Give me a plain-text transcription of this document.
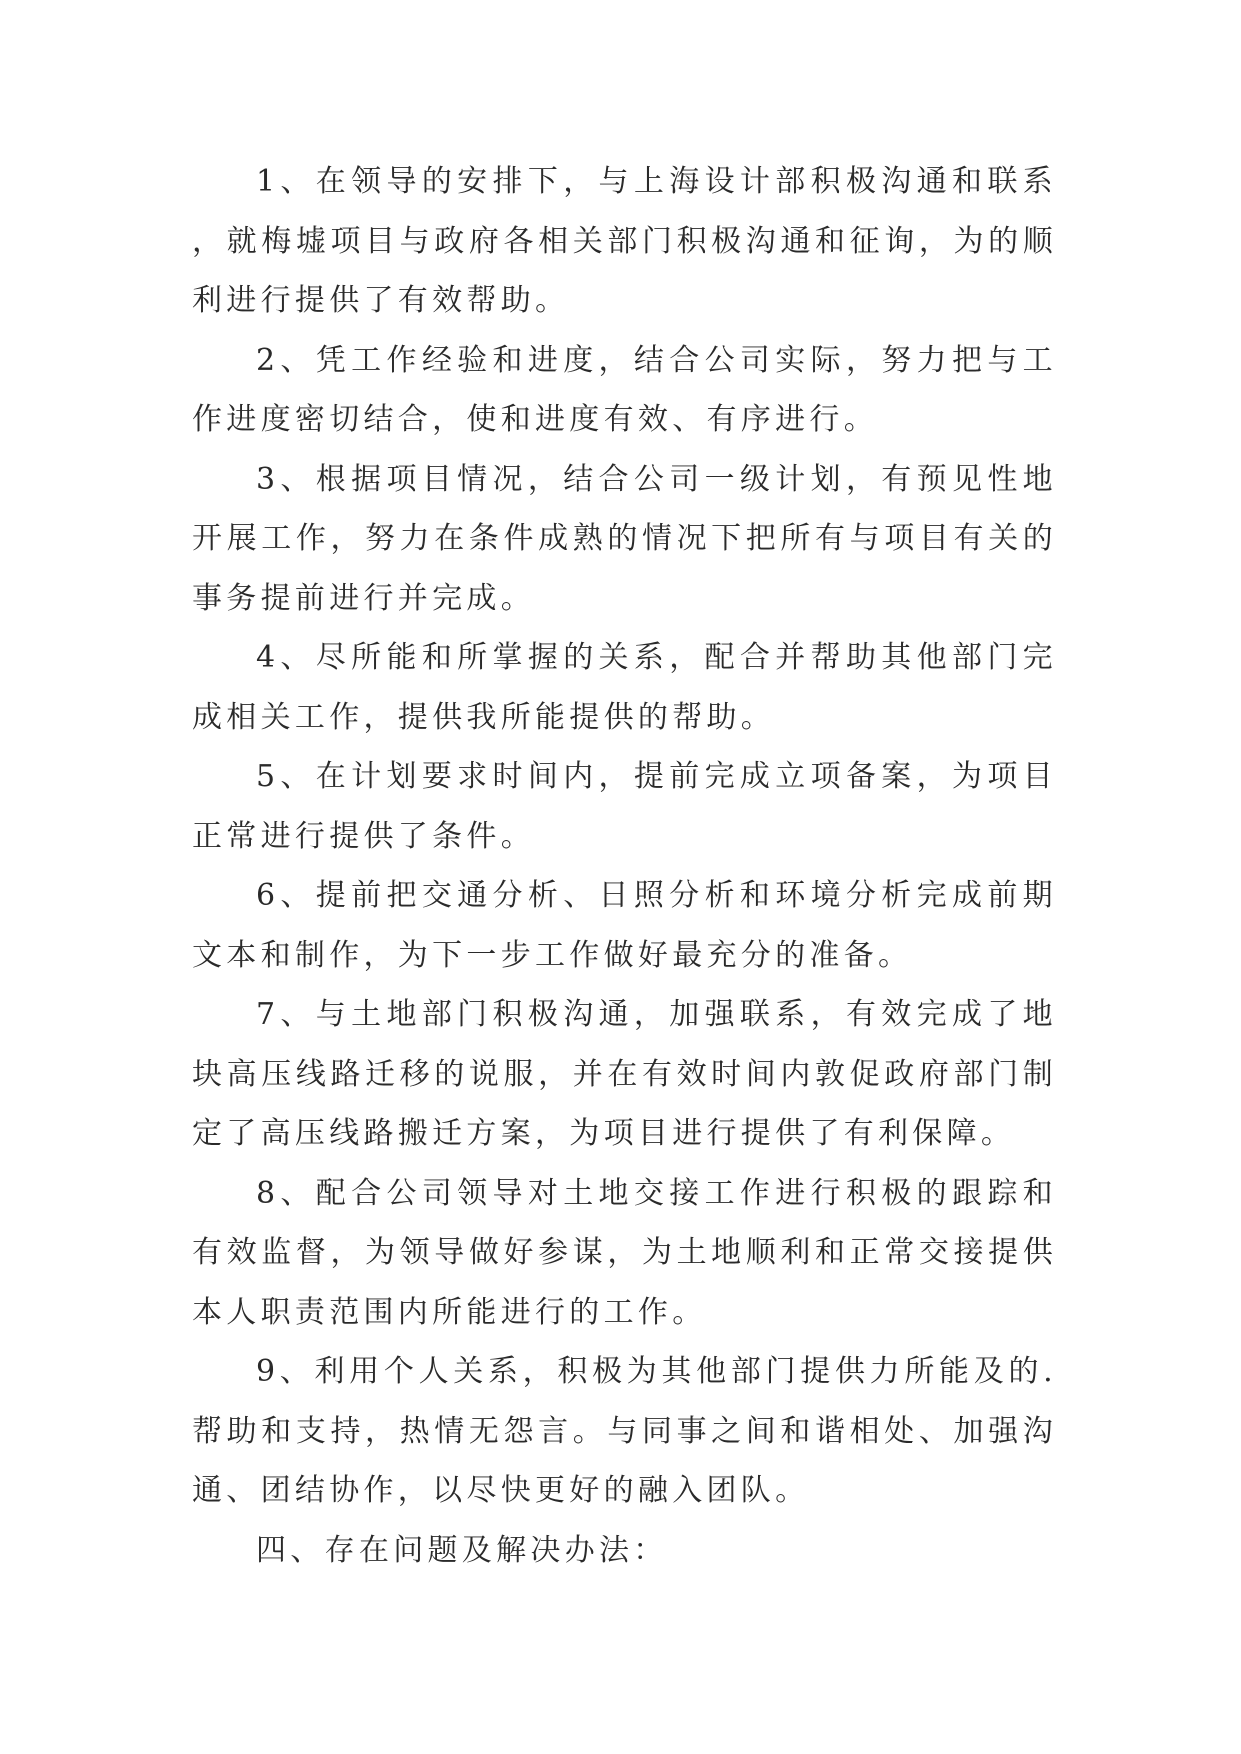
1、在领导的安排下，与上海设计部积极沟通和联系，就梅墟项目与政府各相关部门积极沟通和征询，为的顺利进行提供了有效帮助。

2、凭工作经验和进度，结合公司实际，努力把与工作进度密切结合，使和进度有效、有序进行。

3、根据项目情况，结合公司一级计划，有预见性地开展工作，努力在条件成熟的情况下把所有与项目有关的事务提前进行并完成。

4、尽所能和所掌握的关系，配合并帮助其他部门完成相关工作，提供我所能提供的帮助。

5、在计划要求时间内，提前完成立项备案，为项目正常进行提供了条件。

6、提前把交通分析、日照分析和环境分析完成前期文本和制作，为下一步工作做好最充分的准备。

7、与土地部门积极沟通，加强联系，有效完成了地块高压线路迁移的说服，并在有效时间内敦促政府部门制定了高压线路搬迁方案，为项目进行提供了有利保障。

8、配合公司领导对土地交接工作进行积极的跟踪和有效监督，为领导做好参谋，为土地顺利和正常交接提供本人职责范围内所能进行的工作。

9、利用个人关系，积极为其他部门提供力所能及的.帮助和支持，热情无怨言。与同事之间和谐相处、加强沟通、团结协作，以尽快更好的融入团队。

四、存在问题及解决办法：
